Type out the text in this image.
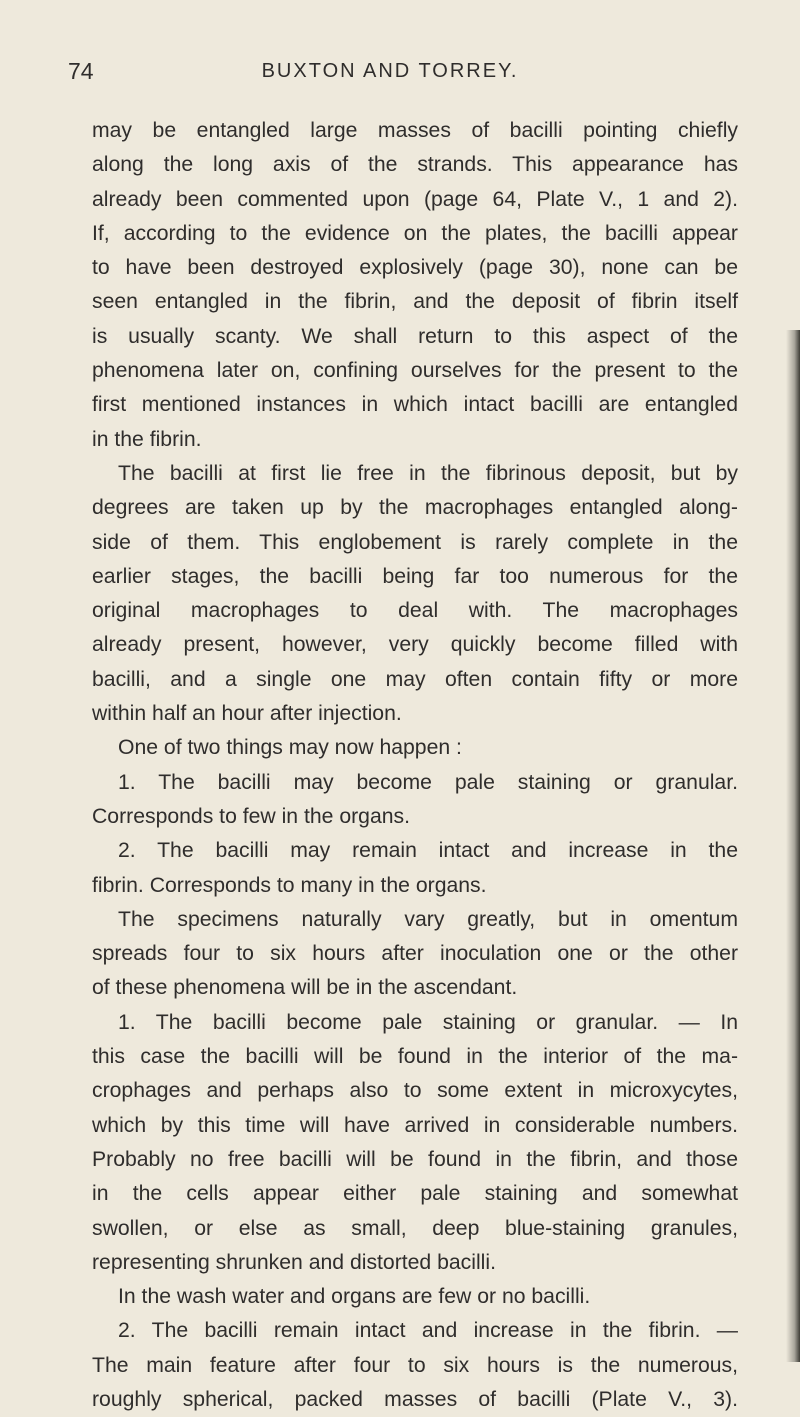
74	BUXTON AND TORREY.
may be entangled large masses of bacilli pointing chiefly
along the long axis of the strands. This appearance has
already been commented upon (page 64, Plate V., 1 and 2).
If, according to the evidence on the plates, the bacilli appear
to have been destroyed explosively (page 30), none can be
seen entangled in the fibrin, and the deposit of fibrin itself
is usually scanty. We shall return to this aspect of the
phenomena later on, confining ourselves for the present to the
first mentioned instances in which intact bacilli are entangled
in the fibrin.
The bacilli at first lie free in the fibrinous deposit, but by
degrees are taken up by the macrophages entangled along-
side of them. This englobement is rarely complete in the
earlier stages, the bacilli being far too numerous for the
original macrophages to deal with. The macrophages
already present, however, very quickly become filled with
bacilli, and a single one may often contain fifty or more
within half an hour after injection.
One of two things may now happen :
1. The bacilli may become pale staining or granular.
Corresponds to few in the organs.
2. The bacilli may remain intact and increase in the
fibrin. Corresponds to many in the organs.
The specimens naturally vary greatly, but in omentum
spreads four to six hours after inoculation one or the other
of these phenomena will be in the ascendant.
1. The bacilli become pale staining or granular. — In
this case the bacilli will be found in the interior of the ma-
crophages and perhaps also to some extent in microxycytes,
which by this time will have arrived in considerable numbers.
Probably no free bacilli will be found in the fibrin, and those
in the cells appear either pale staining and somewhat
swollen, or else as small, deep blue-staining granules,
representing shrunken and distorted bacilli.
In the wash water and organs are few or no bacilli.
2. The bacilli remain intact and increase in the fibrin. —
The main feature after four to six hours is the numerous,
roughly spherical, packed masses of bacilli (Plate V., 3).
